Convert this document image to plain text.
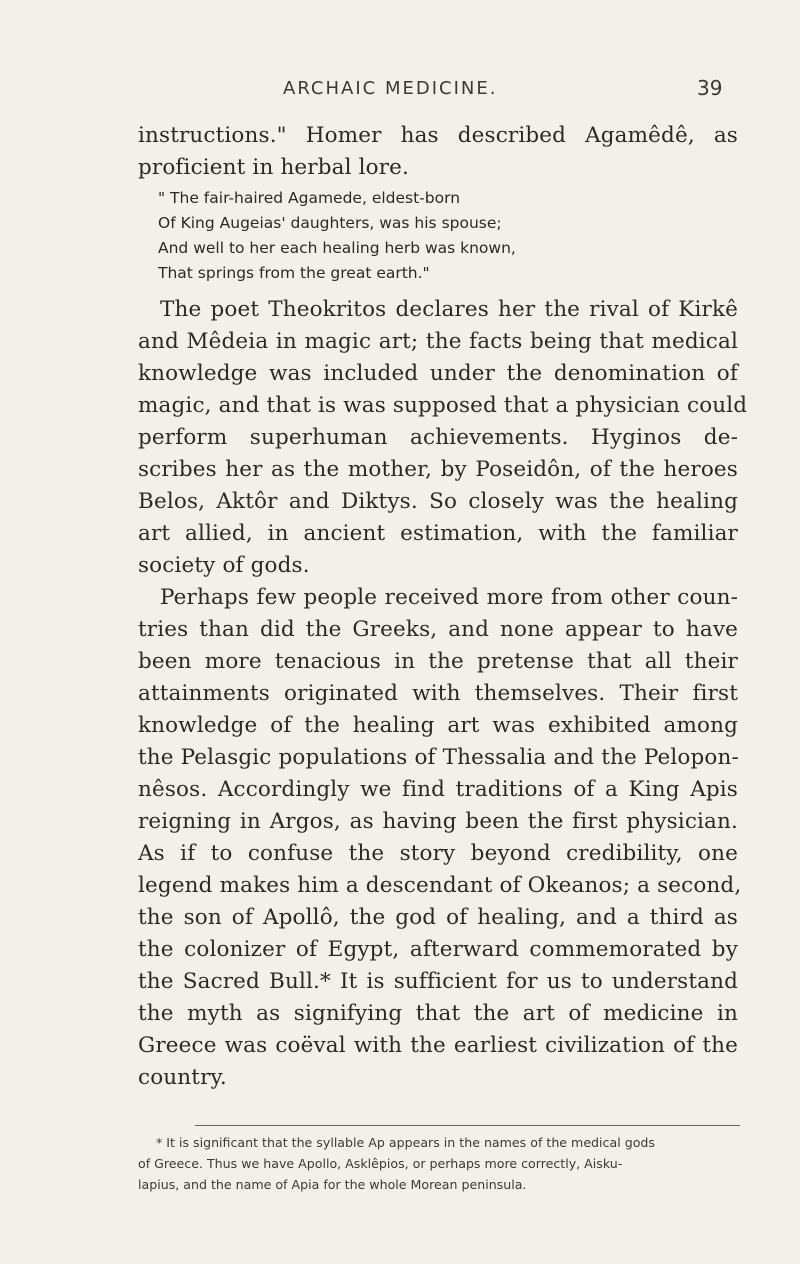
ARCHAIC MEDICINE.	39
instructions." Homer has described Agamêdê, as
proficient in herbal lore.
" The fair-haired Agamede, eldest-born
Of King Augeias' daughters, was his spouse;
And well to her each healing herb was known,
That springs from the great earth."
The poet Theokritos declares her the rival of Kirkê
and Mêdeia in magic art; the facts being that medical
knowledge was included under the denomination of
magic, and that is was supposed that a physician could
perform superhuman achievements. Hyginos de-
scribes her as the mother, by Poseidôn, of the heroes
Belos, Aktôr and Diktys. So closely was the healing
art allied, in ancient estimation, with the familiar
society of gods.
Perhaps few people received more from other coun-
tries than did the Greeks, and none appear to have
been more tenacious in the pretense that all their
attainments originated with themselves. Their first
knowledge of the healing art was exhibited among
the Pelasgic populations of Thessalia and the Pelopon-
nêsos. Accordingly we find traditions of a King Apis
reigning in Argos, as having been the first physician.
As if to confuse the story beyond credibility, one
legend makes him a descendant of Okeanos; a second,
the son of Apollô, the god of healing, and a third as
the colonizer of Egypt, afterward commemorated by
the Sacred Bull.* It is sufficient for us to understand
the myth as signifying that the art of medicine in
Greece was coëval with the earliest civilization of the
country.
* It is significant that the syllable Ap appears in the names of the medical gods
of Greece. Thus we have Apollo, Asklêpios, or perhaps more correctly, Aisku-
lapius, and the name of Apia for the whole Morean peninsula.
